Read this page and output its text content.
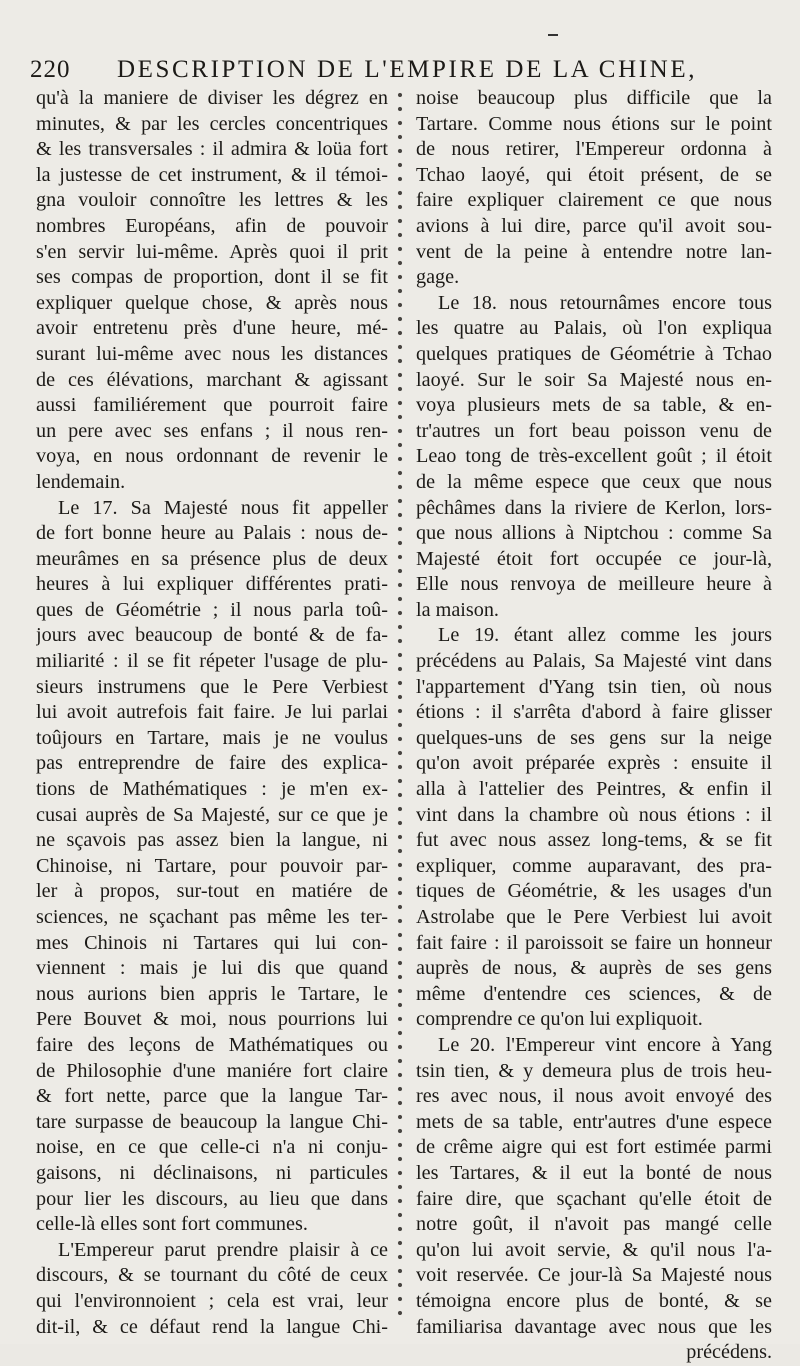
220 DESCRIPTION DE L'EMPIRE DE LA CHINE,
qu'à la maniere de diviser les dégrez en
minutes, & par les cercles concentriques
& les transversales : il admira & loüa fort
la justesse de cet instrument, & il témoi-
gna vouloir connoître les lettres & les
nombres Européans, afin de pouvoir
s'en servir lui-même. Après quoi il prit
ses compas de proportion, dont il se fit
expliquer quelque chose, & après nous
avoir entretenu près d'une heure, mé-
surant lui-même avec nous les distances
de ces élévations, marchant & agissant
aussi familiérement que pourroit faire
un pere avec ses enfans ; il nous ren-
voya, en nous ordonnant de revenir le
lendemain.
Le 17. Sa Majesté nous fit appeller
de fort bonne heure au Palais : nous de-
meurâmes en sa présence plus de deux
heures à lui expliquer différentes prati-
ques de Géométrie ; il nous parla toû-
jours avec beaucoup de bonté & de fa-
miliarité : il se fit répeter l'usage de plu-
sieurs instrumens que le Pere Verbiest
lui avoit autrefois fait faire. Je lui parlai
toûjours en Tartare, mais je ne voulus
pas entreprendre de faire des explica-
tions de Mathématiques : je m'en ex-
cusai auprès de Sa Majesté, sur ce que je
ne sçavois pas assez bien la langue, ni
Chinoise, ni Tartare, pour pouvoir par-
ler à propos, sur-tout en matiére de
sciences, ne sçachant pas même les ter-
mes Chinois ni Tartares qui lui con-
viennent : mais je lui dis que quand
nous aurions bien appris le Tartare, le
Pere Bouvet & moi, nous pourrions lui
faire des leçons de Mathématiques ou
de Philosophie d'une maniére fort claire
& fort nette, parce que la langue Tar-
tare surpasse de beaucoup la langue Chi-
noise, en ce que celle-ci n'a ni conju-
gaisons, ni déclinaisons, ni particules
pour lier les discours, au lieu que dans
celle-là elles sont fort communes.
L'Empereur parut prendre plaisir à ce
discours, & se tournant du côté de ceux
qui l'environnoient ; cela est vrai, leur
dit-il, & ce défaut rend la langue Chi-
noise beaucoup plus difficile que la
Tartare. Comme nous étions sur le point
de nous retirer, l'Empereur ordonna à
Tchao laoyé, qui étoit présent, de se
faire expliquer clairement ce que nous
avions à lui dire, parce qu'il avoit sou-
vent de la peine à entendre notre lan-
gage.
Le 18. nous retournâmes encore tous
les quatre au Palais, où l'on expliqua
quelques pratiques de Géométrie à Tchao
laoyé. Sur le soir Sa Majesté nous en-
voya plusieurs mets de sa table, & en-
tr'autres un fort beau poisson venu de
Leao tong de très-excellent goût ; il étoit
de la même espece que ceux que nous
pêchâmes dans la riviere de Kerlon, lors-
que nous allions à Niptchou : comme Sa
Majesté étoit fort occupée ce jour-là,
Elle nous renvoya de meilleure heure à
la maison.
Le 19. étant allez comme les jours
précédens au Palais, Sa Majesté vint dans
l'appartement d'Yang tsin tien, où nous
étions : il s'arrêta d'abord à faire glisser
quelques-uns de ses gens sur la neige
qu'on avoit préparée exprès : ensuite il
alla à l'attelier des Peintres, & enfin il
vint dans la chambre où nous étions : il
fut avec nous assez long-tems, & se fit
expliquer, comme auparavant, des pra-
tiques de Géométrie, & les usages d'un
Astrolabe que le Pere Verbiest lui avoit
fait faire : il paroissoit se faire un honneur
auprès de nous, & auprès de ses gens
même d'entendre ces sciences, & de
comprendre ce qu'on lui expliquoit.
Le 20. l'Empereur vint encore à Yang
tsin tien, & y demeura plus de trois heu-
res avec nous, il nous avoit envoyé des
mets de sa table, entr'autres d'une espece
de crême aigre qui est fort estimée parmi
les Tartares, & il eut la bonté de nous
faire dire, que sçachant qu'elle étoit de
notre goût, il n'avoit pas mangé celle
qu'on lui avoit servie, & qu'il nous l'a-
voit reservée. Ce jour-là Sa Majesté nous
témoigna encore plus de bonté, & se
familiarisa davantage avec nous que les
précédens.
